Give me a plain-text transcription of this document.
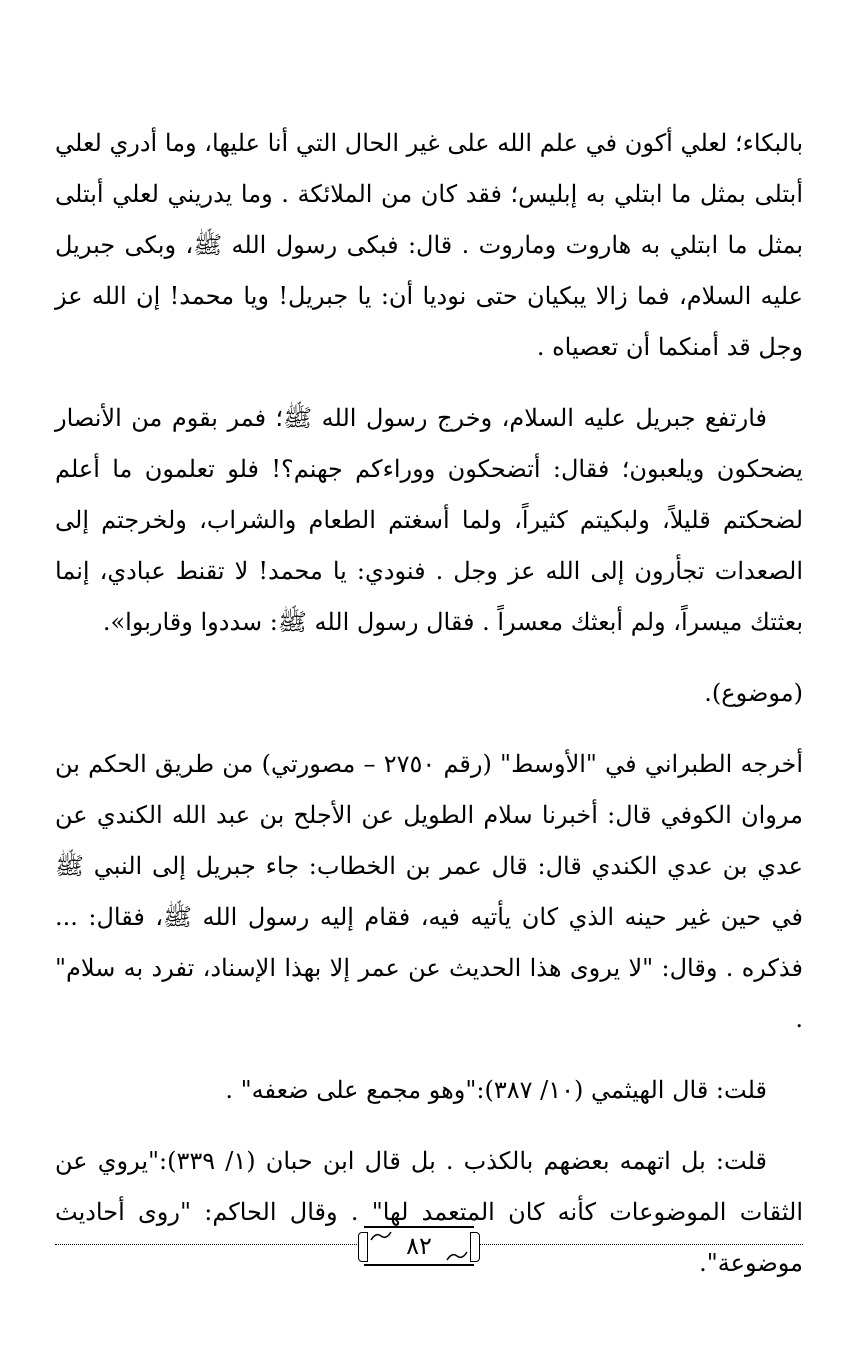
بالبكاء؛ لعلي أكون في علم الله على غير الحال التي أنا عليها، وما أدري لعلي أبتلى بمثل ما ابتلي به إبليس؛ فقد كان من الملائكة . وما يدريني لعلي أبتلى بمثل ما ابتلي به هاروت وماروت . قال: فبكى رسول الله ﷺ، وبكى جبريل عليه السلام، فما زالا يبكيان حتى نوديا أن: يا جبريل! ويا محمد! إن الله عز وجل قد أمنكما أن تعصياه .

فارتفع جبريل عليه السلام، وخرج رسول الله ﷺ؛ فمر بقوم من الأنصار يضحكون ويلعبون؛ فقال: أتضحكون ووراءكم جهنم؟! فلو تعلمون ما أعلم لضحكتم قليلاً، ولبكيتم كثيراً، ولما أسغتم الطعام والشراب، ولخرجتم إلى الصعدات تجأرون إلى الله عز وجل . فنودي: يا محمد! لا تقنط عبادي، إنما بعثتك ميسراً، ولم أبعثك معسراً . فقال رسول الله ﷺ: سددوا وقاربوا».

(موضوع).

أخرجه الطبراني في "الأوسط" (رقم ٢٧٥٠ – مصورتي) من طريق الحكم بن مروان الكوفي قال: أخبرنا سلام الطويل عن الأجلح بن عبد الله الكندي عن عدي بن عدي الكندي قال: قال عمر بن الخطاب: جاء جبريل إلى النبي ﷺ في حين غير حينه الذي كان يأتيه فيه، فقام إليه رسول الله ﷺ، فقال: ... فذكره . وقال: "لا يروى هذا الحديث عن عمر إلا بهذا الإسناد، تفرد به سلام" .

قلت: قال الهيثمي (١٠/ ٣٨٧):"وهو مجمع على ضعفه" .

قلت: بل اتهمه بعضهم بالكذب . بل قال ابن حبان (١/ ٣٣٩):"يروي عن الثقات الموضوعات كأنه كان المتعمد لها" . وقال الحاكم: "روى أحاديث موضوعة".

٨٢
